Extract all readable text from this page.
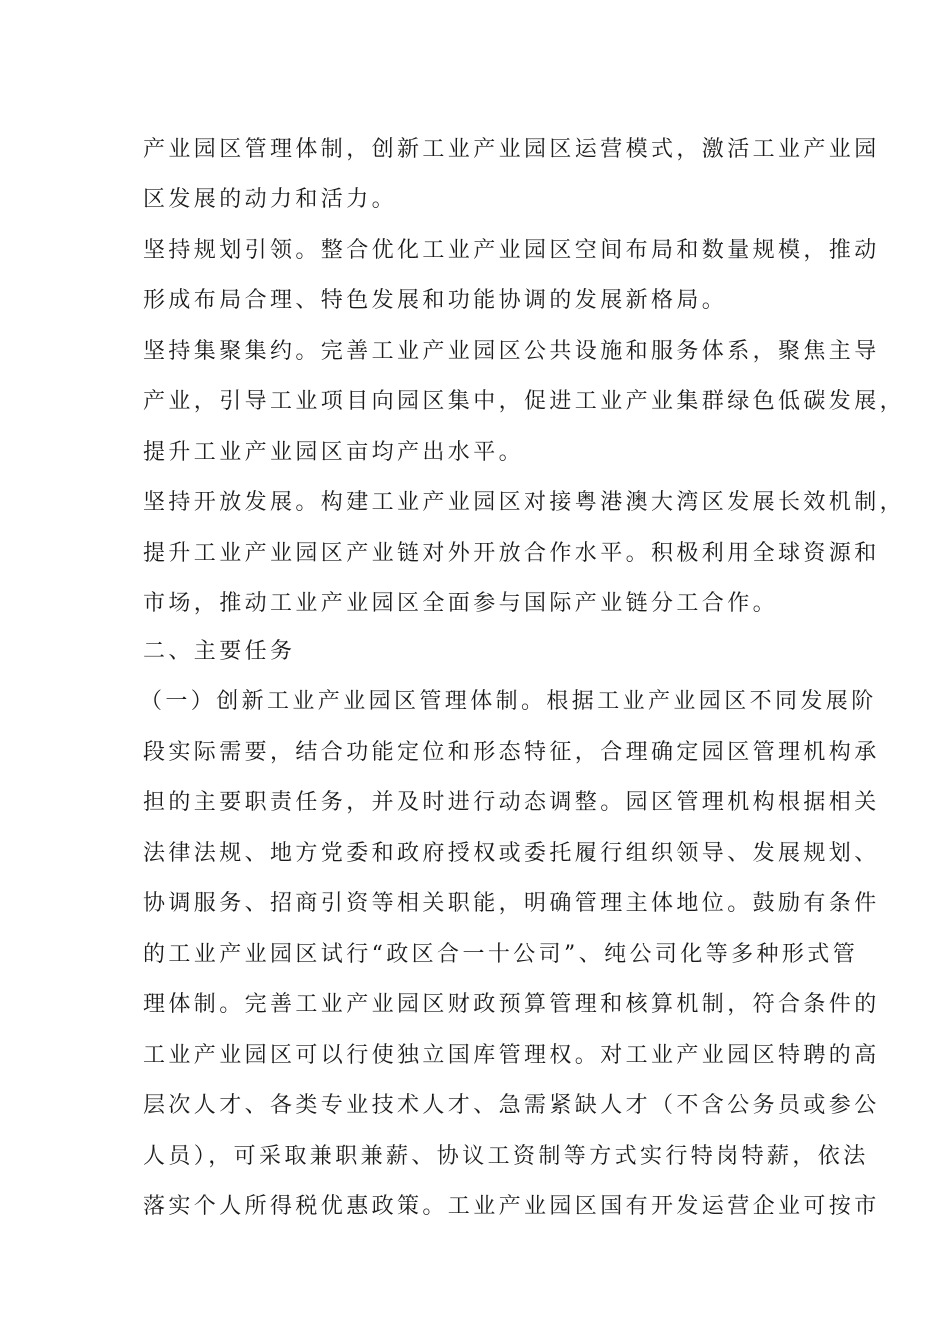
产业园区管理体制，创新工业产业园区运营模式，激活工业产业园
区发展的动力和活力。
坚持规划引领。整合优化工业产业园区空间布局和数量规模，推动
形成布局合理、特色发展和功能协调的发展新格局。
坚持集聚集约。完善工业产业园区公共设施和服务体系，聚焦主导
产业，引导工业项目向园区集中，促进工业产业集群绿色低碳发展，
提升工业产业园区亩均产出水平。
坚持开放发展。构建工业产业园区对接粤港澳大湾区发展长效机制，
提升工业产业园区产业链对外开放合作水平。积极利用全球资源和
市场，推动工业产业园区全面参与国际产业链分工合作。
二、主要任务
（一）创新工业产业园区管理体制。根据工业产业园区不同发展阶
段实际需要，结合功能定位和形态特征，合理确定园区管理机构承
担的主要职责任务，并及时进行动态调整。园区管理机构根据相关
法律法规、地方党委和政府授权或委托履行组织领导、发展规划、
协调服务、招商引资等相关职能，明确管理主体地位。鼓励有条件
的工业产业园区试行“政区合一十公司”、纯公司化等多种形式管
理体制。完善工业产业园区财政预算管理和核算机制，符合条件的
工业产业园区可以行使独立国库管理权。对工业产业园区特聘的高
层次人才、各类专业技术人才、急需紧缺人才（不含公务员或参公
人员），可采取兼职兼薪、协议工资制等方式实行特岗特薪，依法
落实个人所得税优惠政策。工业产业园区国有开发运营企业可按市
